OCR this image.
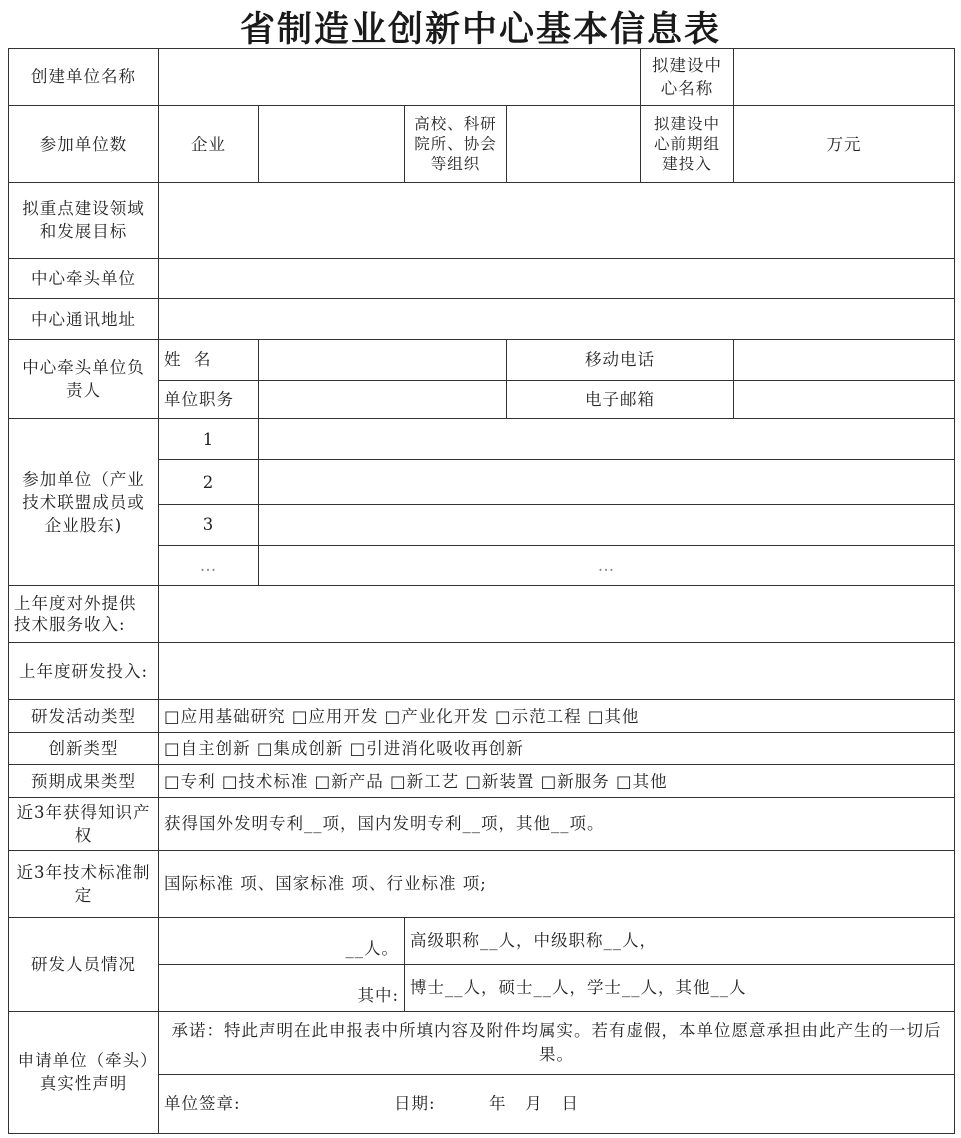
省制造业创新中心基本信息表
创建单位名称					拟建设中心名称	
参加单位数	企业		高校、科研院所、协会等组织		拟建设中心前期组建投入	万元
拟重点建设领域和发展目标						
中心牵头单位						
中心通讯地址						
中心牵头单位负责人	姓  名			移动电话		
	单位职务			电子邮箱		
参加单位（产业技术联盟成员或企业股东)	1					
	2					
	3					
	…	…				
上年度对外提供技术服务收入:						
上年度研发投入:						
研发活动类型	□应用基础研究 □应用开发 □产业化开发 □示范工程 □其他					
创新类型	□自主创新 □集成创新 □引进消化吸收再创新					
预期成果类型	□专利 □技术标准 □新产品 □新工艺 □新装置 □新服务 □其他					
近3年获得知识产权	获得国外发明专利__项，国内发明专利__项，其他__项。					
近3年技术标准制定	国际标准 项、国家标准 项、行业标准 项;					
研发人员情况	__人。		高级职称__人，中级职称__人，			
	其中:		博士__人，硕士__人，学士__人，其他__人			
申请单位（牵头）真实性声明	承诺：特此声明在此申报表中所填内容及附件均属实。若有虚假，本单位愿意承担由此产生的一切后果。					
	单位签章: 日期: 年   月   日					
